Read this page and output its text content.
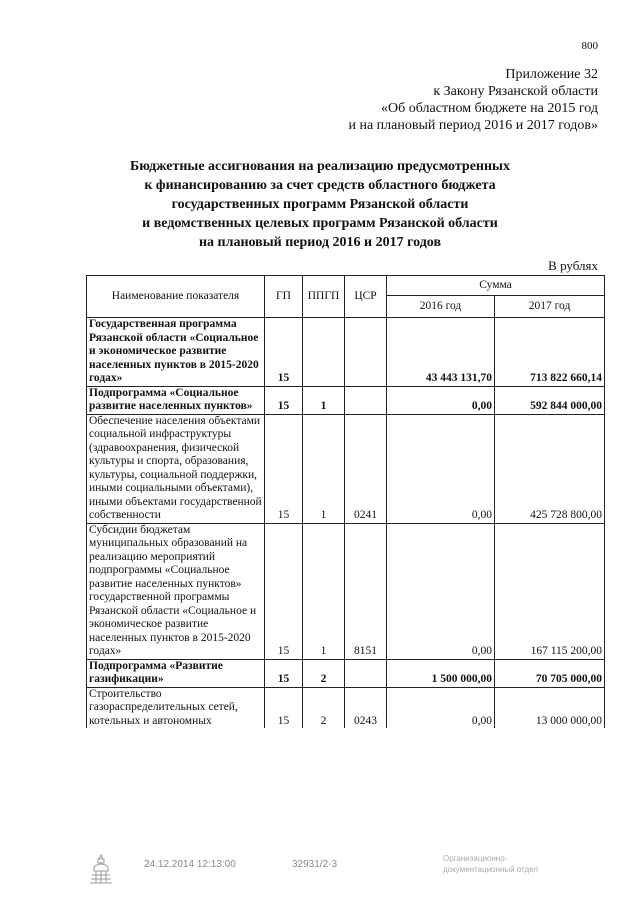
800
Приложение 32
к Закону Рязанской области
«Об областном бюджете на 2015 год
и на плановый период 2016 и 2017 годов»
Бюджетные ассигнования на реализацию предусмотренных
к финансированию за счет средств областного бюджета
государственных программ Рязанской области
и ведомственных целевых программ Рязанской области
на плановый период 2016 и 2017 годов
В рублях
Наименование показателя	ГП	ППГП	ЦСР	Сумма	
				2016 год	2017 год
Государственная программа Рязанской области «Социальное и экономическое развитие населенных пунктов в 2015-2020 годах»	15			43 443 131,70	713 822 660,14
Подпрограмма «Социальное развитие населенных пунктов»	15	1		0,00	592 844 000,00
Обеспечение населения объектами социальной инфраструктуры (здравоохранения, физической культуры и спорта, образования, культуры, социальной поддержки, иными социальными объектами), иными объектами государственной собственности	15	1	0241	0,00	425 728 800,00
Субсидии бюджетам муниципальных образований на реализацию мероприятий подпрограммы «Социальное развитие населенных пунктов» государственной программы Рязанской области «Социальное и экономическое развитие населенных пунктов в 2015-2020 годах»	15	1	8151	0,00	167 115 200,00
Подпрограмма «Развитие газификации»	15	2		1 500 000,00	70 705 000,00
Строительство газораспределительных сетей, котельных и автономных	15	2	0243	0,00	13 000 000,00
24.12.2014 12:13:00	32931/2-3
Организационно-
документационный отдел
